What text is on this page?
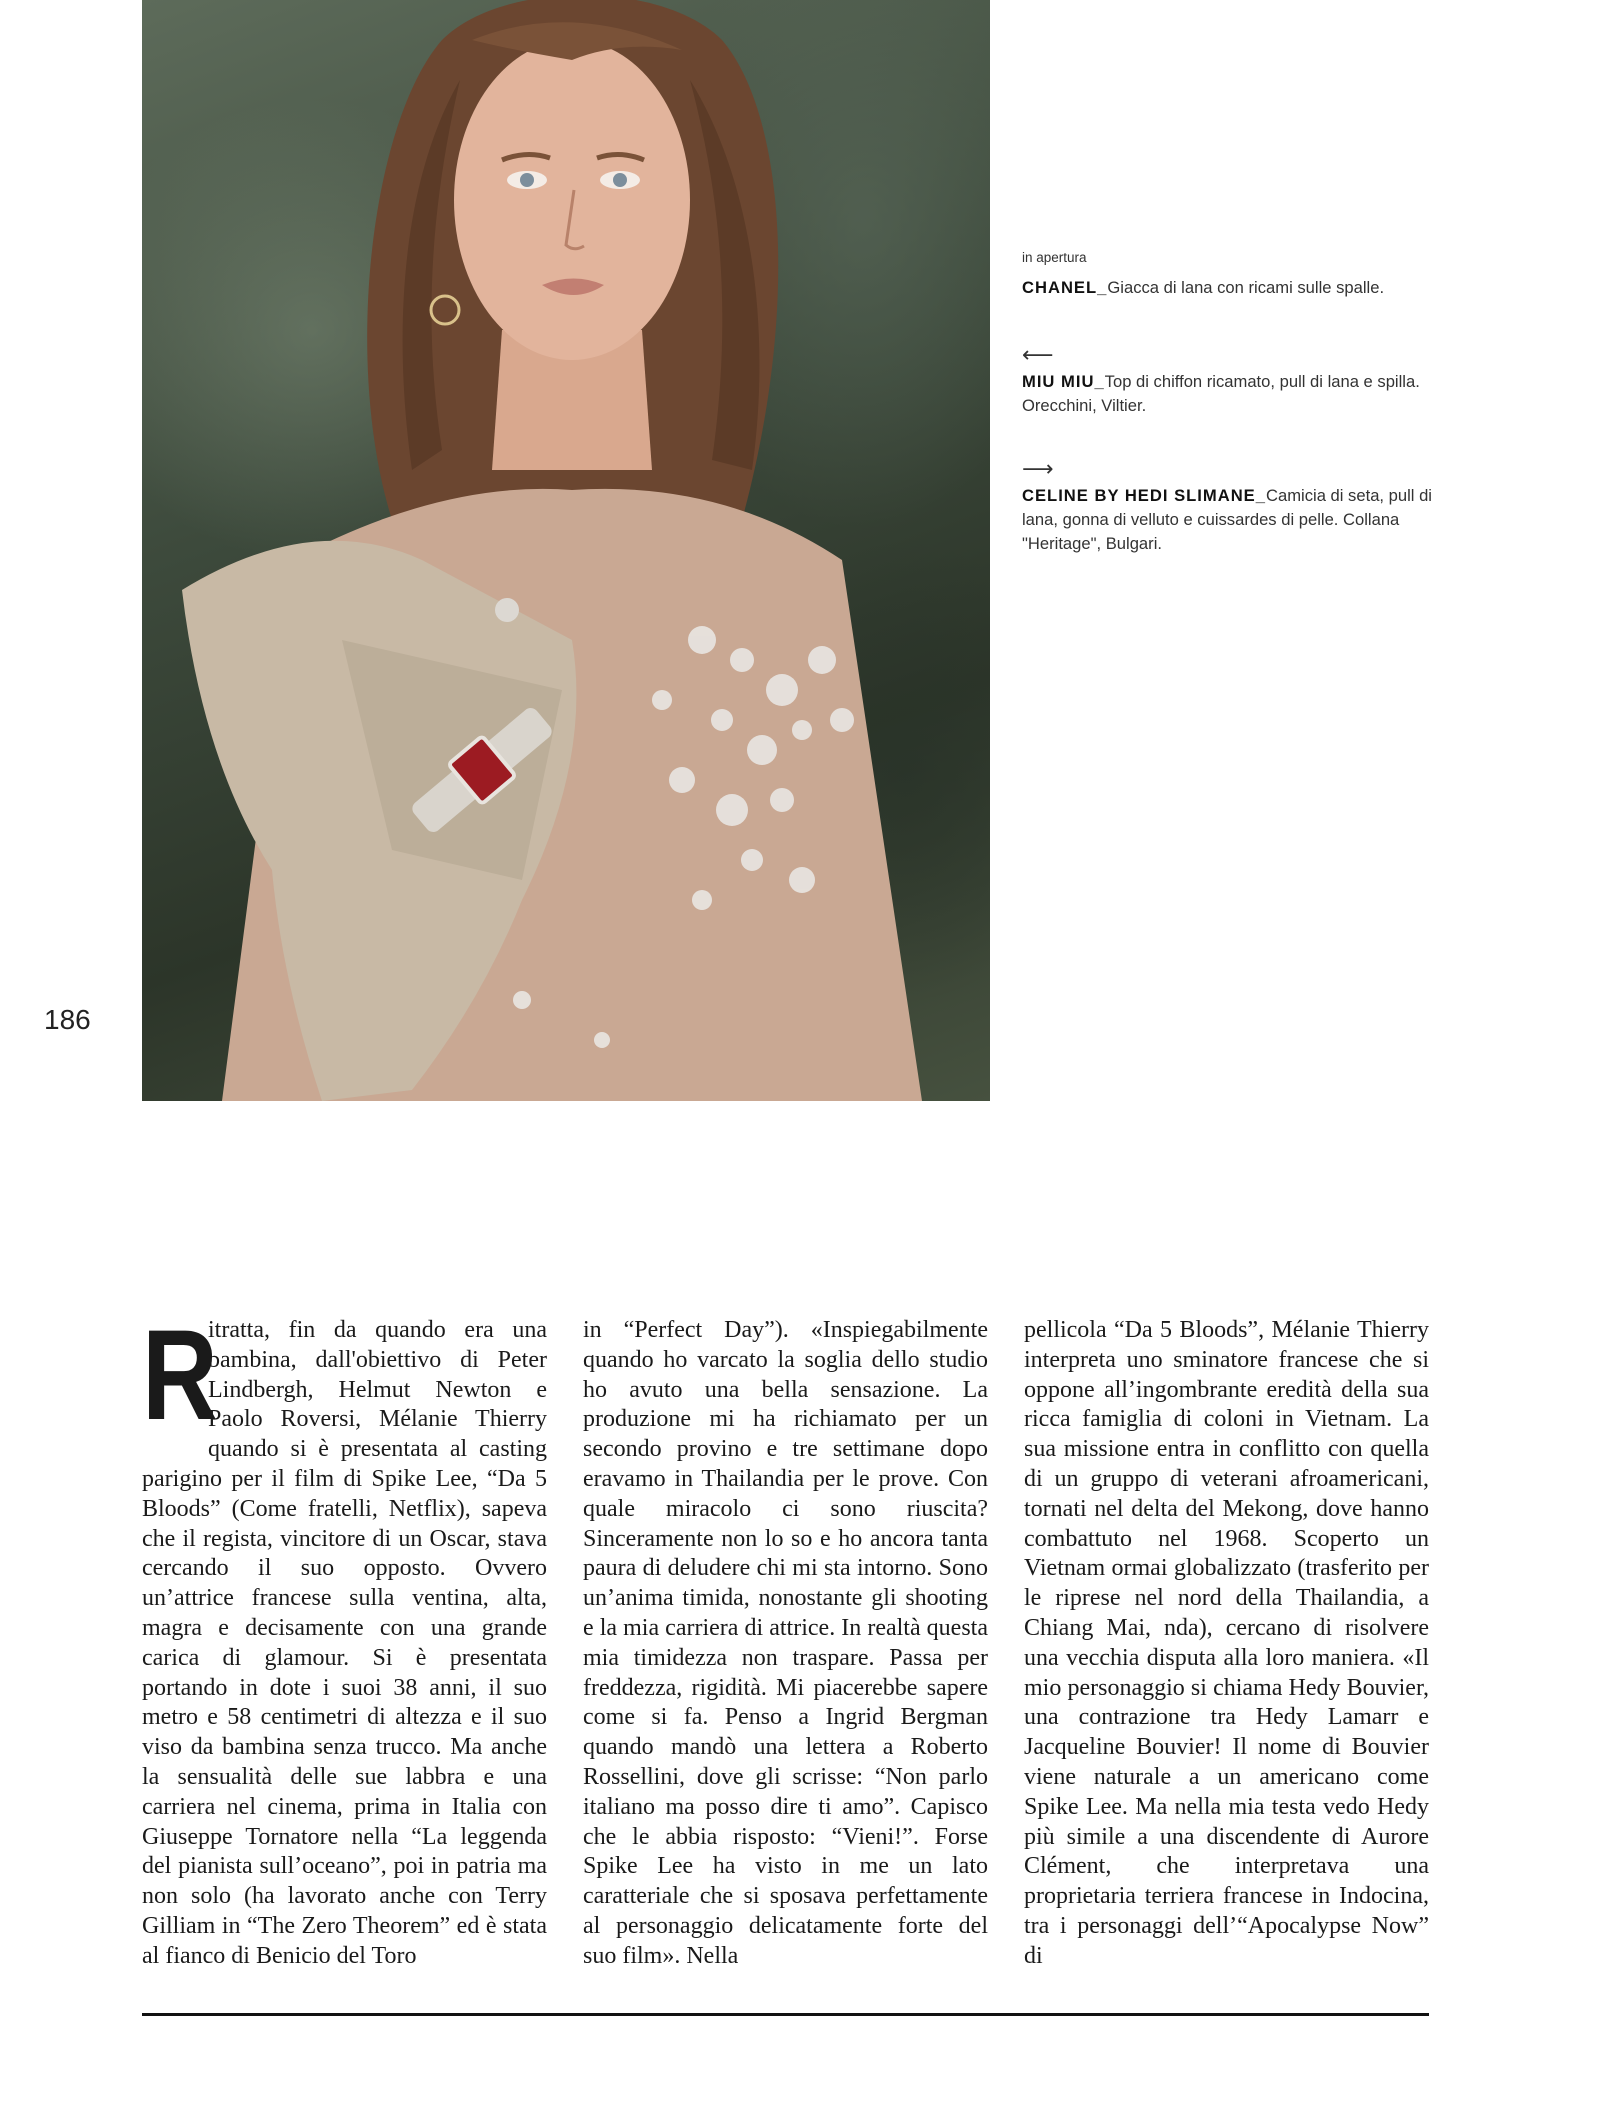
186
in apertura
CHANEL_Giacca di lana con ricami sulle spalle.
⟵
MIU MIU_Top di chiffon ricamato, pull di lana e spilla. Orecchini, Viltier.
⟶
CELINE BY HEDI SLIMANE_Camicia di seta, pull di lana, gonna di velluto e cuissardes di pelle. Collana "Heritage", Bulgari.
R
itratta, fin da quando era una bambina, dall'obiettivo di Peter Lindbergh, Helmut Newton e Paolo Roversi, Mélanie Thierry quando si è presentata al casting parigino per il film di Spike Lee, “Da 5 Bloods” (Come fratelli, Netflix), sapeva che il regista, vincitore di un Oscar, stava cercando il suo opposto. Ovvero un’attrice francese sulla ventina, alta, magra e decisamente con una grande carica di glamour. Si è presentata portando in dote i suoi 38 anni, il suo metro e 58 centimetri di altezza e il suo viso da bambina senza trucco. Ma anche la sensualità delle sue labbra e una carriera nel cinema, prima in Italia con Giuseppe Tornatore nella “La leggenda del pianista sull’oceano”, poi in patria ma non solo (ha lavorato anche con Terry Gilliam in “The Zero Theorem” ed è stata al fianco di Benicio del Toro
in “Perfect Day”). «Inspiegabilmente quando ho varcato la soglia dello studio ho avuto una bella sensazione. La produzione mi ha richiamato per un secondo provino e tre settimane dopo eravamo in Thailandia per le prove. Con quale miracolo ci sono riuscita? Sinceramente non lo so e ho ancora tanta paura di deludere chi mi sta intorno. Sono un’anima timida, nonostante gli shooting e la mia carriera di attrice. In realtà questa mia timidezza non traspare. Passa per freddezza, rigidità. Mi piacerebbe sapere come si fa. Penso a Ingrid Bergman quando mandò una lettera a Roberto Rossellini, dove gli scrisse: “Non parlo italiano ma posso dire ti amo”. Capisco che le abbia risposto: “Vieni!”. Forse Spike Lee ha visto in me un lato caratteriale che si sposava perfettamente al personaggio delicatamente forte del suo film». Nella
pellicola “Da 5 Bloods”, Mélanie Thierry interpreta uno sminatore francese che si oppone all’ingombrante eredità della sua ricca famiglia di coloni in Vietnam. La sua missione entra in conflitto con quella di un gruppo di veterani afroamericani, tornati nel delta del Mekong, dove hanno combattuto nel 1968. Scoperto un Vietnam ormai globalizzato (trasferito per le riprese nel nord della Thailandia, a Chiang Mai, nda), cercano di risolvere una vecchia disputa alla loro maniera. «Il mio personaggio si chiama Hedy Bouvier, una contrazione tra Hedy Lamarr e Jacqueline Bouvier! Il nome di Bouvier viene naturale a un americano come Spike Lee. Ma nella mia testa vedo Hedy più simile a una discendente di Aurore Clément, che interpretava una proprietaria terriera francese in Indocina, tra i personaggi dell’“Apocalypse Now” di
